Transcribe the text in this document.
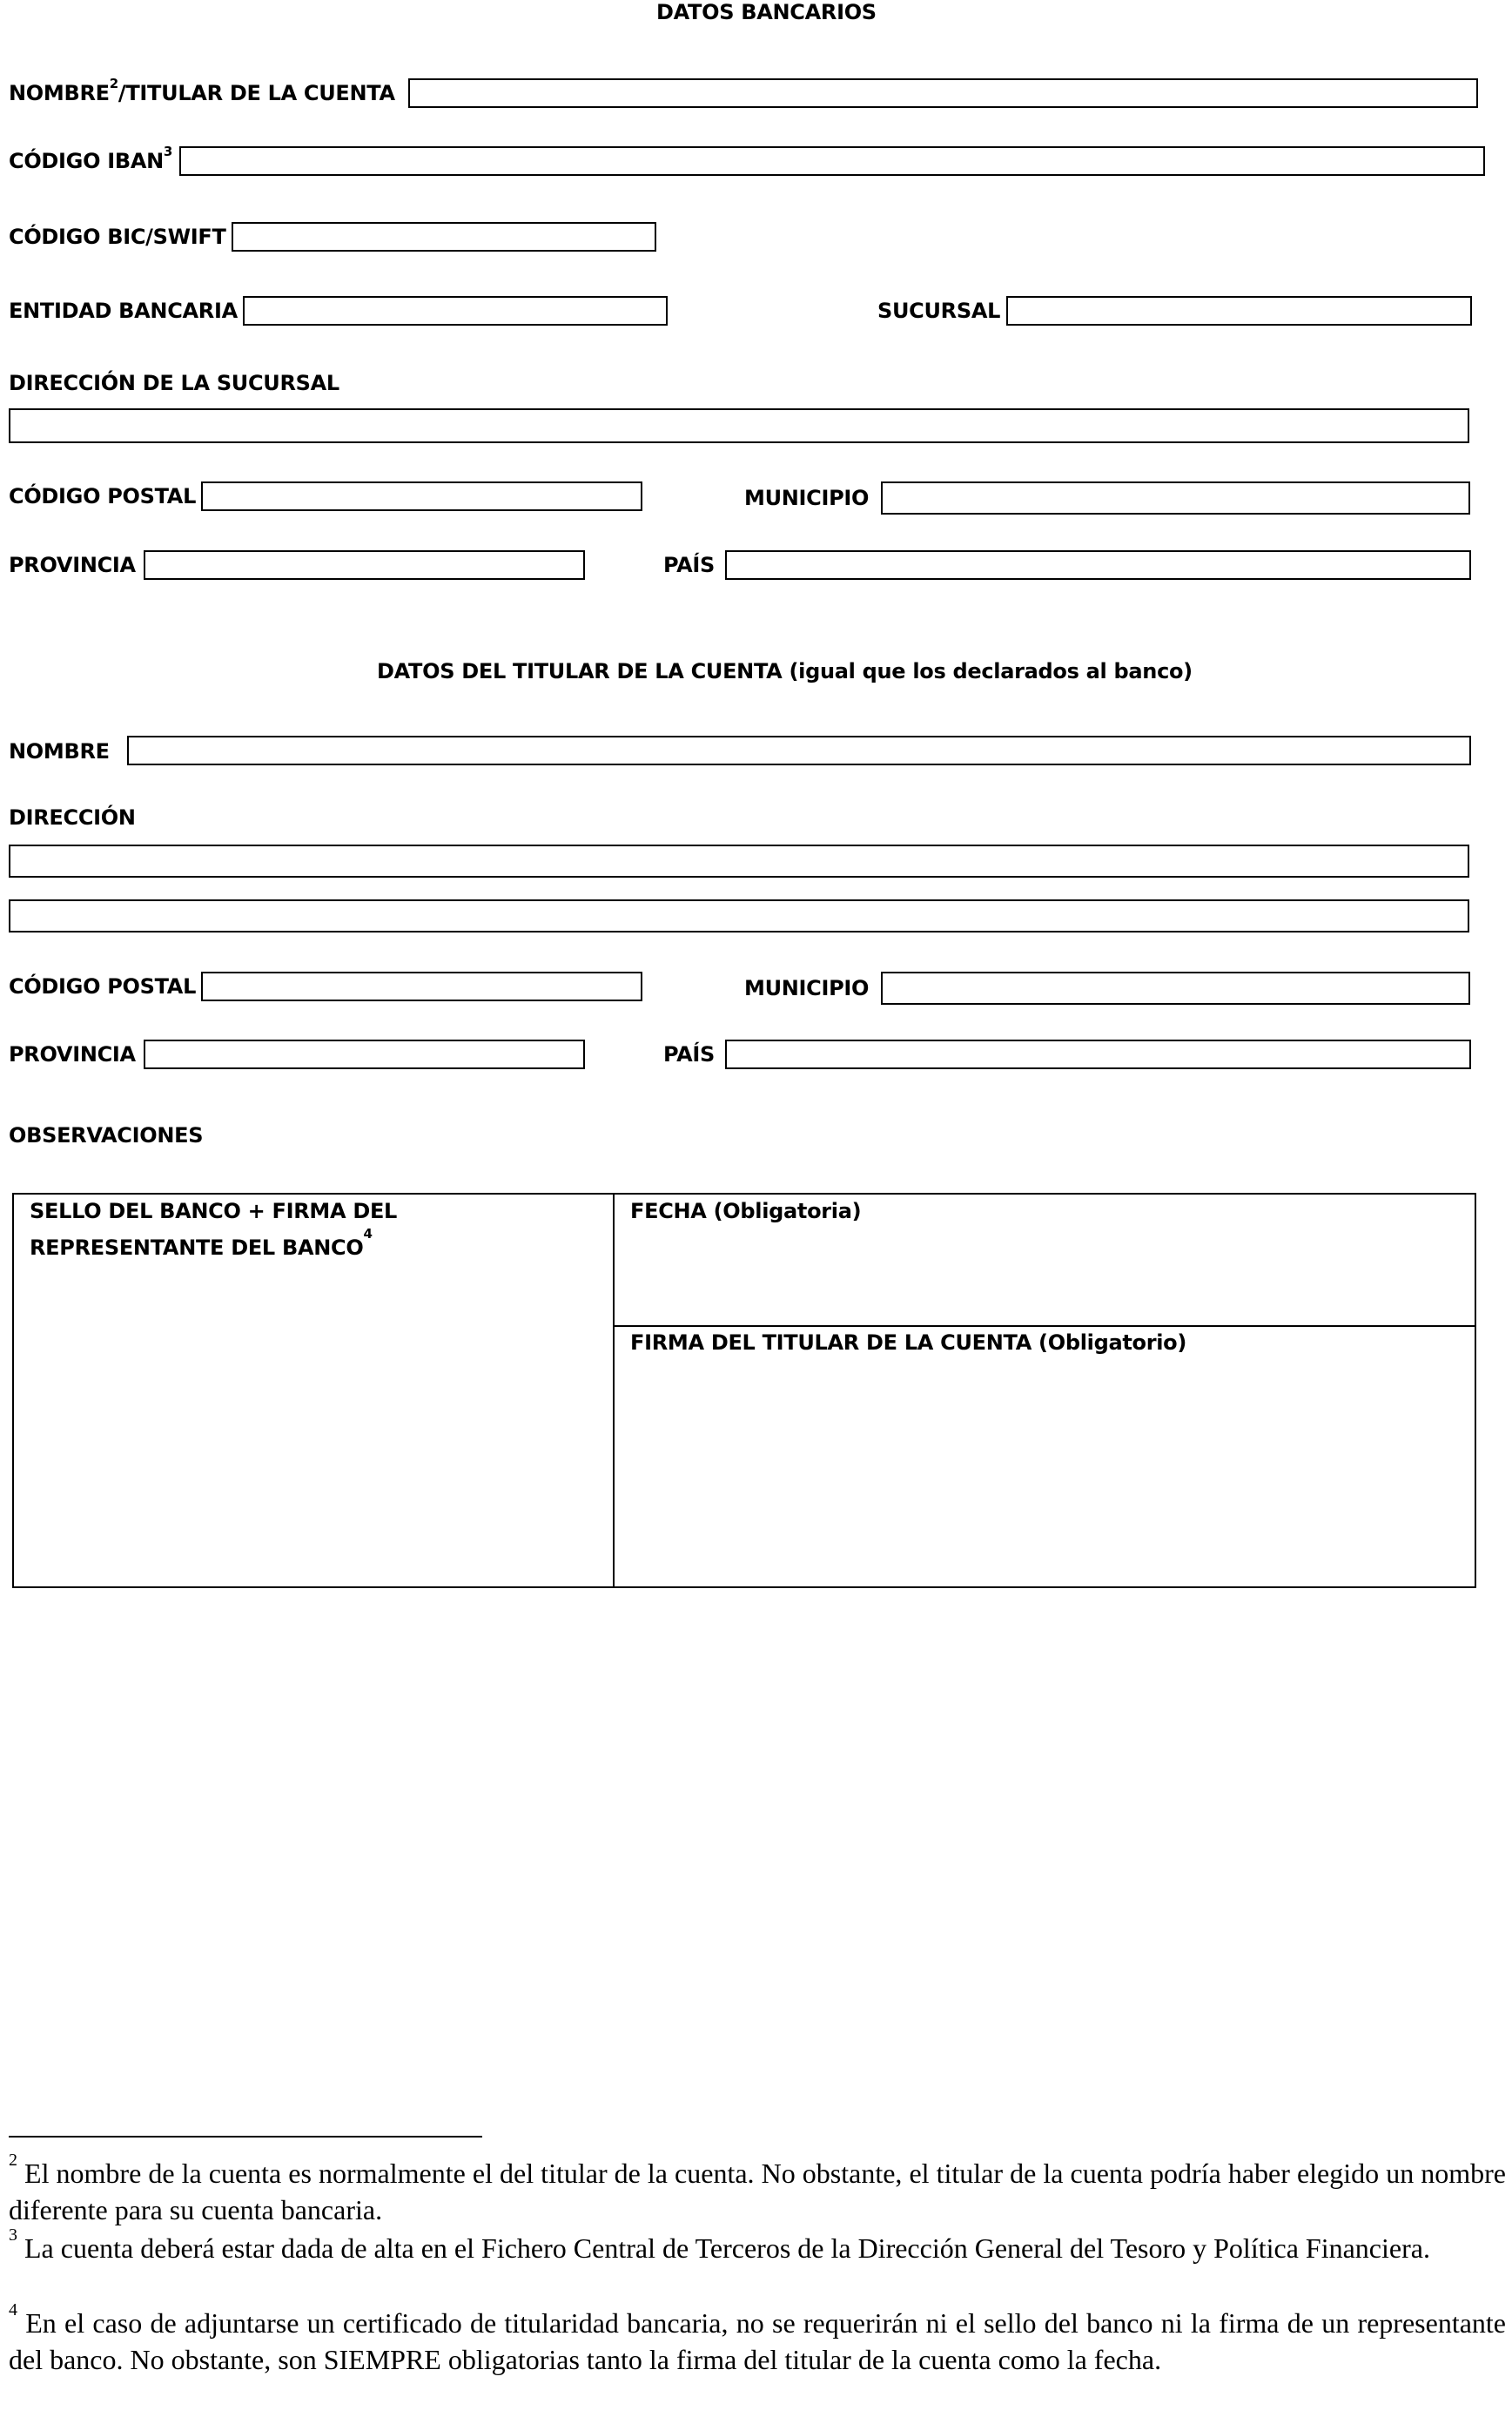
DATOS BANCARIOS
NOMBRE$^2$/TITULAR DE LA CUENTA
CÓDIGO IBAN$^3$
CÓDIGO BIC/SWIFT
ENTIDAD BANCARIA	SUCURSAL
DIRECCIÓN DE LA SUCURSAL
CÓDIGO POSTAL	MUNICIPIO
PROVINCIA	PAÍS
DATOS DEL TITULAR DE LA CUENTA (igual que los declarados al banco)
NOMBRE
DIRECCIÓN
CÓDIGO POSTAL	MUNICIPIO
PROVINCIA	PAÍS
OBSERVACIONES
SELLO DEL BANCO + FIRMA DEL REPRESENTANTE DEL BANCO$^4$
FECHA (Obligatoria)
FIRMA DEL TITULAR DE LA CUENTA (Obligatorio)
$^2$ El nombre de la cuenta es normalmente el del titular de la cuenta. No obstante, el titular de la cuenta podría haber elegido un nombre diferente para su cuenta bancaria.
$^3$ La cuenta deberá estar dada de alta en el Fichero Central de Terceros de la Dirección General del Tesoro y Política Financiera.
$^4$ En el caso de adjuntarse un certificado de titularidad bancaria, no se requerirán ni el sello del banco ni la firma de un representante del banco. No obstante, son SIEMPRE obligatorias tanto la firma del titular de la cuenta como la fecha.
